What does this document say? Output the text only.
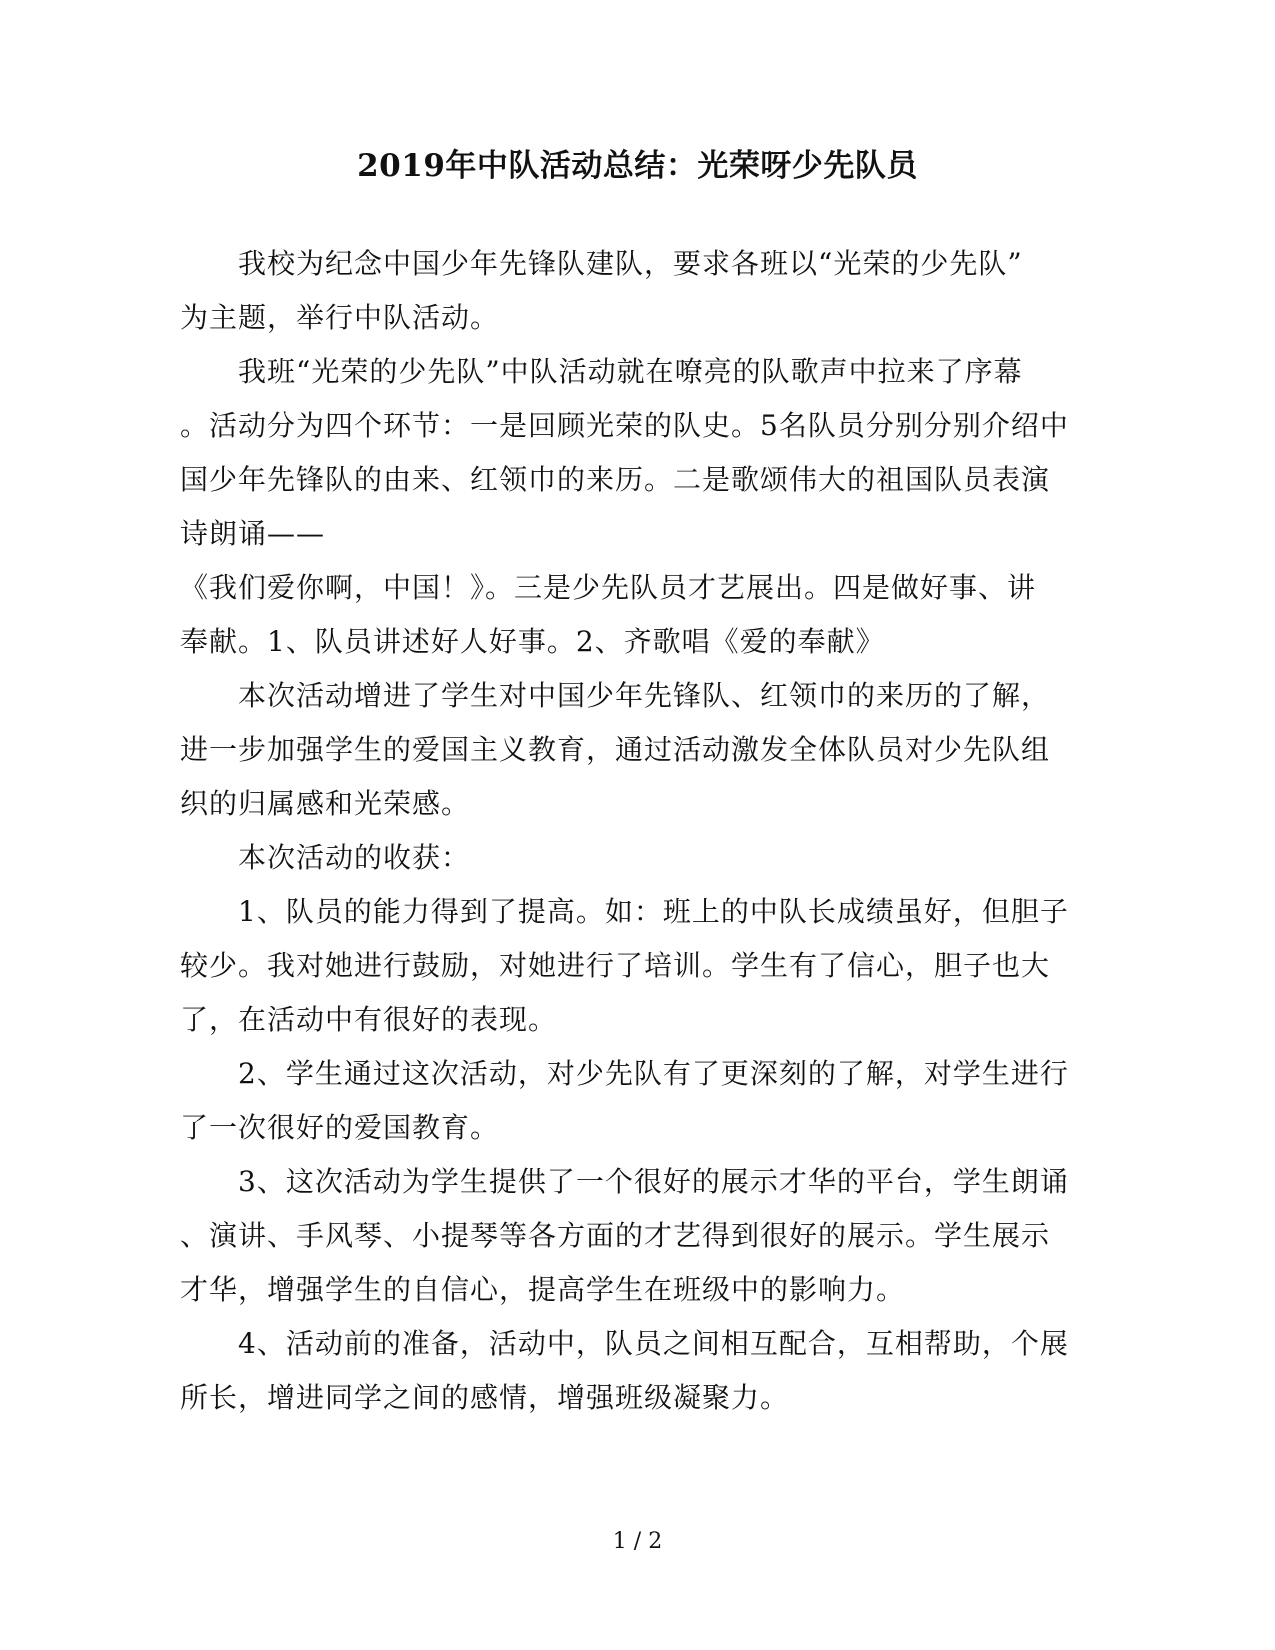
2019年中队活动总结：光荣呀少先队员

我校为纪念中国少年先锋队建队，要求各班以“光荣的少先队”

为主题，举行中队活动。

我班“光荣的少先队”中队活动就在嘹亮的队歌声中拉来了序幕

。活动分为四个环节：一是回顾光荣的队史。5名队员分别分别介绍中

国少年先锋队的由来、红领巾的来历。二是歌颂伟大的祖国队员表演

诗朗诵——

《我们爱你啊，中国！》。三是少先队员才艺展出。四是做好事、讲

奉献。1、队员讲述好人好事。2、齐歌唱《爱的奉献》

本次活动增进了学生对中国少年先锋队、红领巾的来历的了解，

进一步加强学生的爱国主义教育，通过活动激发全体队员对少先队组

织的归属感和光荣感。

本次活动的收获：

1、队员的能力得到了提高。如：班上的中队长成绩虽好，但胆子

较少。我对她进行鼓励，对她进行了培训。学生有了信心，胆子也大

了，在活动中有很好的表现。

2、学生通过这次活动，对少先队有了更深刻的了解，对学生进行

了一次很好的爱国教育。

3、这次活动为学生提供了一个很好的展示才华的平台，学生朗诵

、演讲、手风琴、小提琴等各方面的才艺得到很好的展示。学生展示

才华，增强学生的自信心，提高学生在班级中的影响力。

4、活动前的准备，活动中，队员之间相互配合，互相帮助，个展

所长，增进同学之间的感情，增强班级凝聚力。

1 / 2
